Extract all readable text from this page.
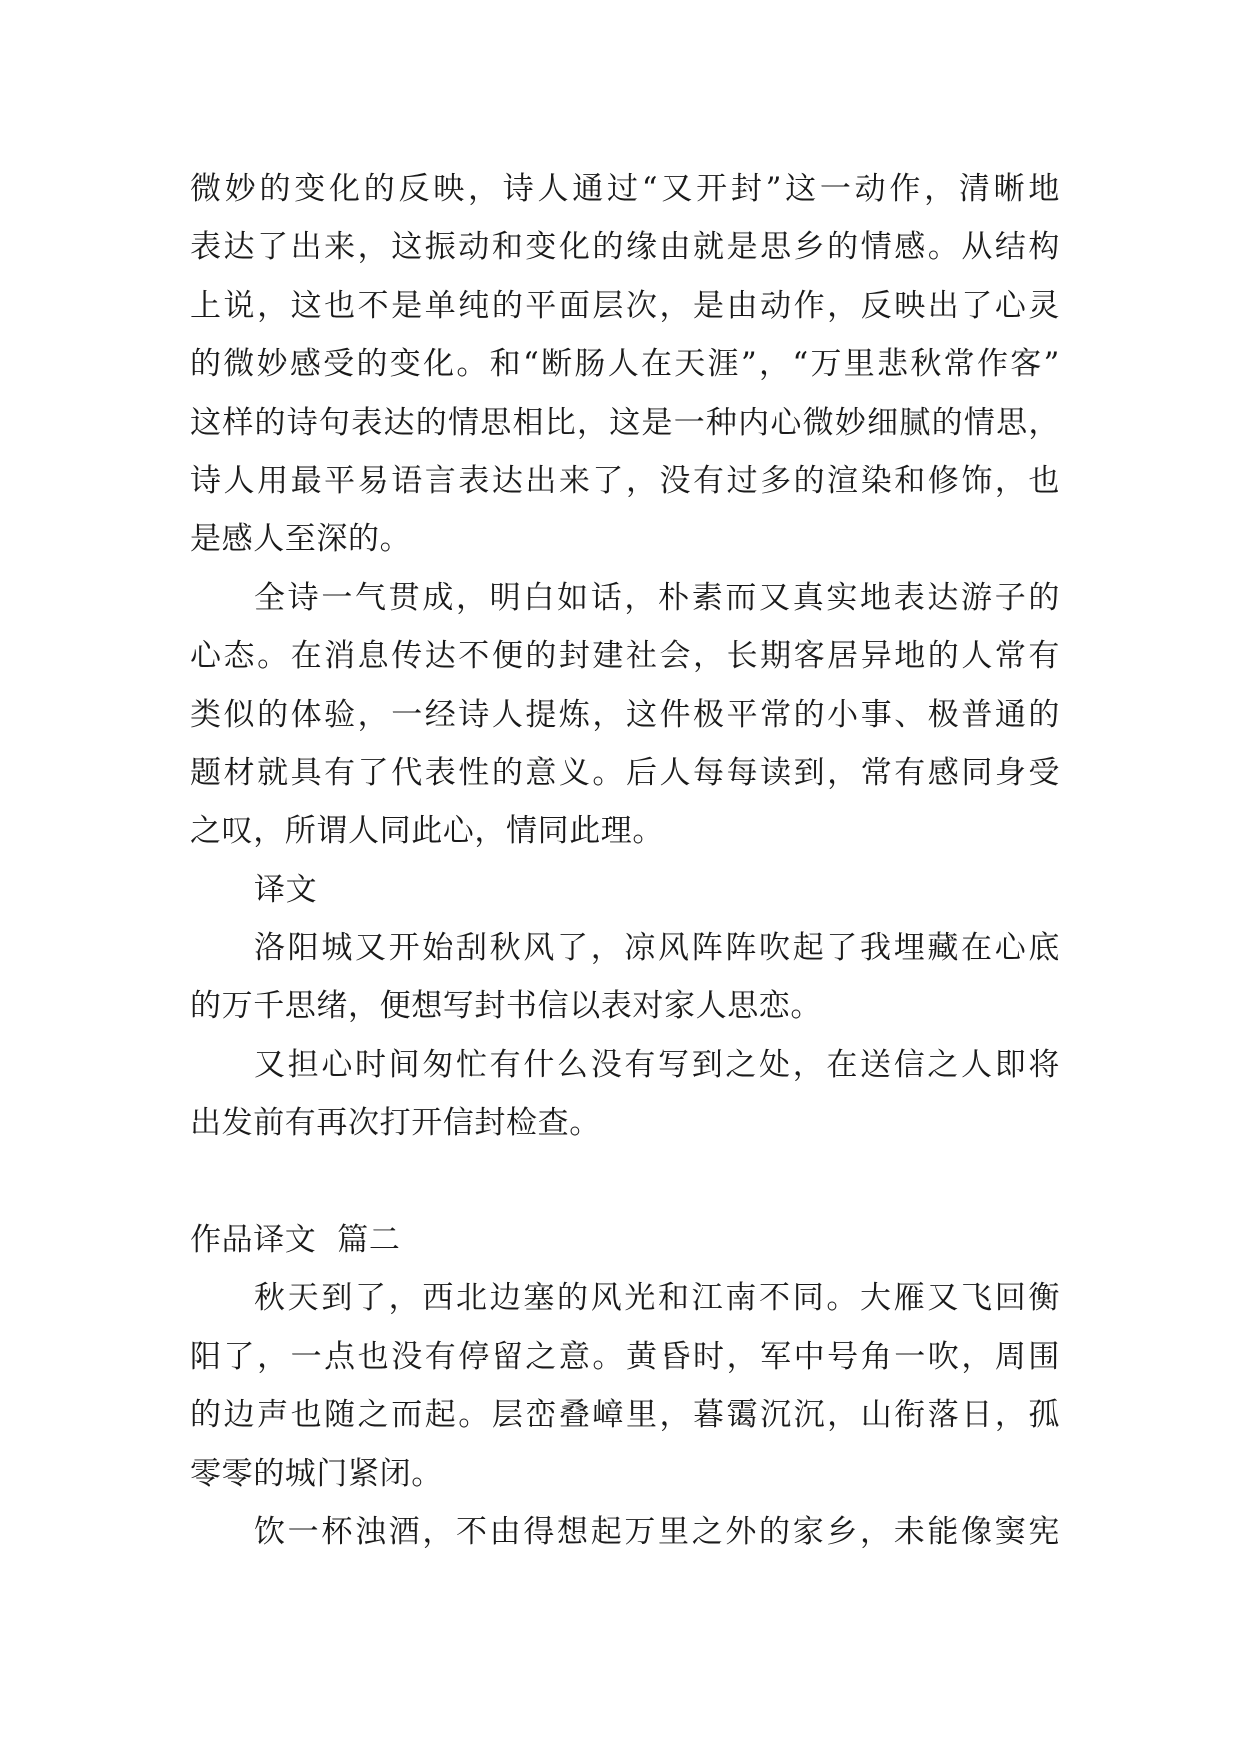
微妙的变化的反映，诗人通过“又开封”这一动作，清晰地
表达了出来，这振动和变化的缘由就是思乡的情感。从结构
上说，这也不是单纯的平面层次，是由动作，反映出了心灵
的微妙感受的变化。和“断肠人在天涯”，“万里悲秋常作客”
这样的诗句表达的情思相比，这是一种内心微妙细腻的情思，
诗人用最平易语言表达出来了，没有过多的渲染和修饰，也
是感人至深的。
全诗一气贯成，明白如话，朴素而又真实地表达游子的
心态。在消息传达不便的封建社会，长期客居异地的人常有
类似的体验，一经诗人提炼，这件极平常的小事、极普通的
题材就具有了代表性的意义。后人每每读到，常有感同身受
之叹，所谓人同此心，情同此理。
译文
洛阳城又开始刮秋风了，凉风阵阵吹起了我埋藏在心底
的万千思绪，便想写封书信以表对家人思恋。
又担心时间匆忙有什么没有写到之处，在送信之人即将
出发前有再次打开信封检查。
作品译文  篇二
秋天到了，西北边塞的风光和江南不同。大雁又飞回衡
阳了，一点也没有停留之意。黄昏时，军中号角一吹，周围
的边声也随之而起。层峦叠嶂里，暮霭沉沉，山衔落日，孤
零零的城门紧闭。
饮一杯浊酒，不由得想起万里之外的家乡，未能像窦宪
